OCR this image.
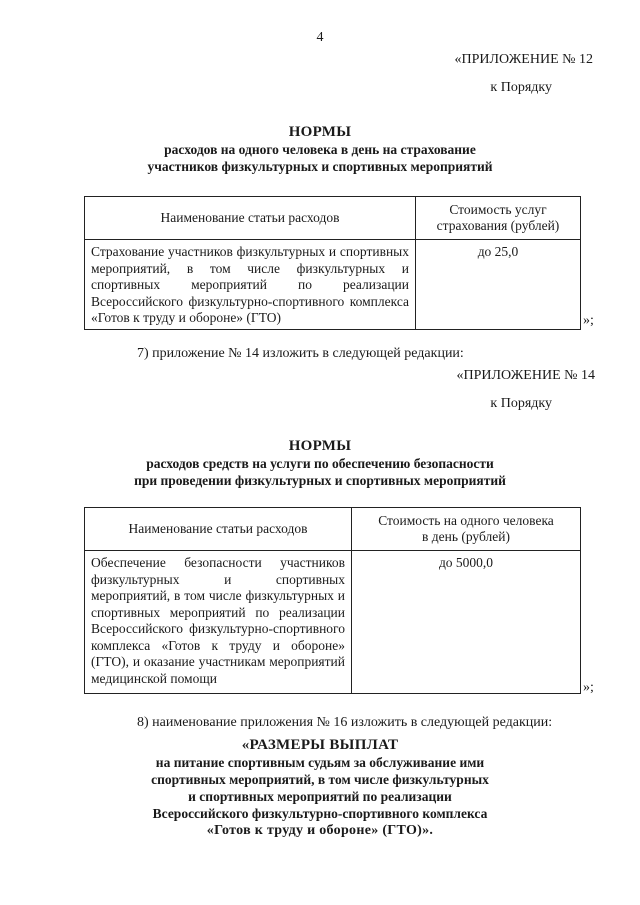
4
«ПРИЛОЖЕНИЕ № 12
к Порядку
НОРМЫ
расходов на одного человека в день на страхование
участников физкультурных и спортивных мероприятий
Наименование статьи расходов	Стоимость услуг
страхования (рублей)

Страхование участников физкультурных и спортивных мероприятий, в том числе физкультурных и спортивных мероприятий по реализации Всероссийского физкультурно-спортивного комплекса «Готов к труду и обороне» (ГТО)	до 25,0
»;
7) приложение № 14 изложить в следующей редакции:
«ПРИЛОЖЕНИЕ № 14
к Порядку
НОРМЫ
расходов средств на услуги по обеспечению безопасности
при проведении физкультурных и спортивных мероприятий
Наименование статьи расходов	Стоимость на одного человека
в день (рублей)

Обеспечение безопасности участников физкультурных и спортивных мероприятий, в том числе физкультурных и спортивных мероприятий по реализации Всероссийского физкультурно-спортивного комплекса «Готов к труду и обороне» (ГТО), и оказание участникам мероприятий медицинской помощи	до 5000,0
»;
8) наименование приложения № 16 изложить в следующей редакции:
«РАЗМЕРЫ ВЫПЛАТ
на питание спортивным судьям за обслуживание ими
спортивных мероприятий, в том числе физкультурных
и спортивных мероприятий по реализации
Всероссийского физкультурно-спортивного комплекса
«Готов к труду и обороне» (ГТО)».
